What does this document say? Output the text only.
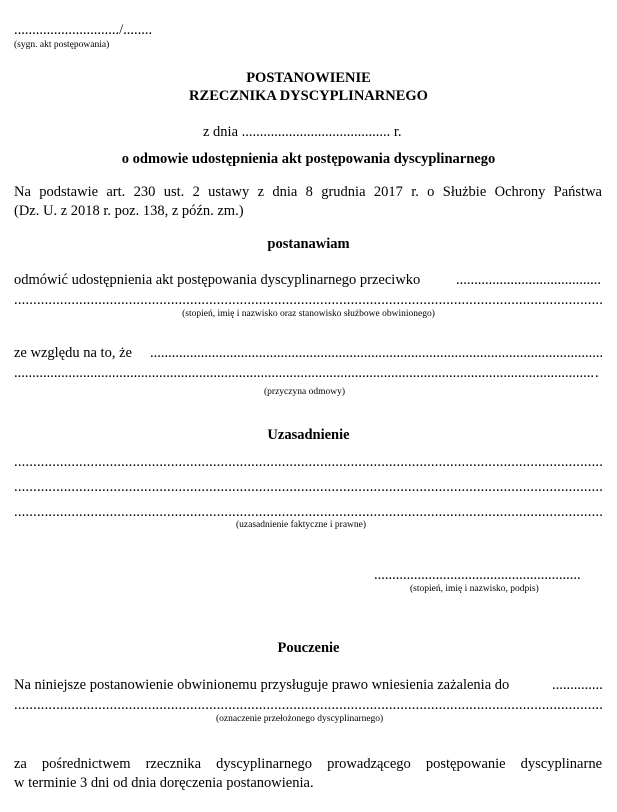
............................./........
(sygn. akt postępowania)
POSTANOWIENIE
RZECZNIKA DYSCYPLINARNEGO
z dnia ......................................... r.
o odmowie udostępnienia akt postępowania dyscyplinarnego
Na podstawie art. 230 ust. 2 ustawy z dnia 8 grudnia 2017 r. o Służbie Ochrony Państwa
(Dz. U. z 2018 r. poz. 138, z późn. zm.)
postanawiam
odmówić udostępnienia akt postępowania dyscyplinarnego przeciwko
.....
.....
(stopień, imię i nazwisko oraz stanowisko służbowe obwinionego)
ze względu na to, że
.....
.....
.
(przyczyna odmowy)
Uzasadnienie
.....
.....
.....
(uzasadnienie faktyczne i prawne)
.........................................................
(stopień, imię i nazwisko, podpis)
Pouczenie
Na niniejsze postanowienie obwinionemu przysługuje prawo wniesienia zażalenia do
.....
.....
(oznaczenie przełożonego dyscyplinarnego)
za pośrednictwem rzecznika dyscyplinarnego prowadzącego postępowanie dyscyplinarne
w terminie 3 dni od dnia doręczenia postanowienia.
